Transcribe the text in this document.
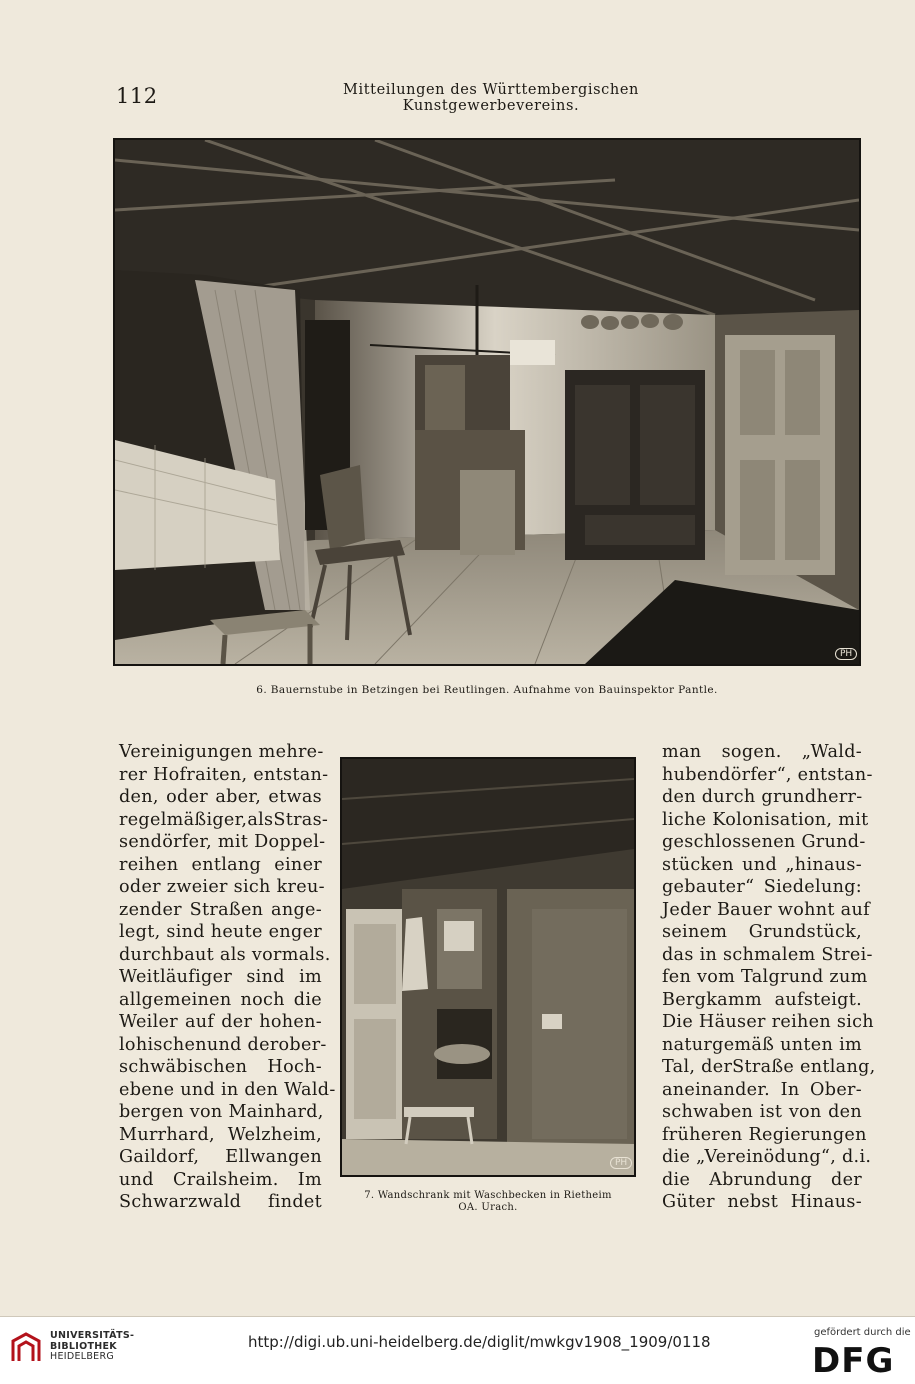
112	Mitteilungen des Württembergischen Kunstgewerbevereins.
PH
6. Bauernstube in Betzingen bei Reutlingen. Aufnahme von Bauinspektor Pantle.
Vereinigungen mehre-
rer Hofraiten, entstan-
den, oder aber, etwas
regelmäßiger,alsStras-
sendörfer, mit Doppel-
reihen entlang einer
oder zweier sich kreu-
zender Straßen ange-
legt, sind heute enger
durchbaut als vormals.
Weitläufiger sind im
allgemeinen noch die
Weiler auf der hohen-
lohischenund derober-
schwäbischen Hoch-
ebene und in den Wald-
bergen von Mainhard,
Murrhard, Welzheim,
Gaildorf, Ellwangen
und Crailsheim. Im
Schwarzwald findet
PH
7. Wandschrank mit Waschbecken in Rietheim
OA. Urach.
man sogen. „Wald-
hubendörfer“, entstan-
den durch grundherr-
liche Kolonisation, mit
geschlossenen Grund-
stücken und „hinaus-
gebauter“ Siedelung:
Jeder Bauer wohnt auf
seinem Grundstück,
das in schmalem Strei-
fen vom Talgrund zum
Bergkamm aufsteigt.
Die Häuser reihen sich
naturgemäß unten im
Tal, derStraße entlang,
aneinander. In Ober-
schwaben ist von den
früheren Regierungen
die „Vereinödung“, d.i.
die Abrundung der
Güter nebst Hinaus-
UNIVERSITÄTS-
BIBLIOTHEK
HEIDELBERG
http://digi.ub.uni-heidelberg.de/diglit/mwkgv1908_1909/0118
gefördert durch die
DFG
